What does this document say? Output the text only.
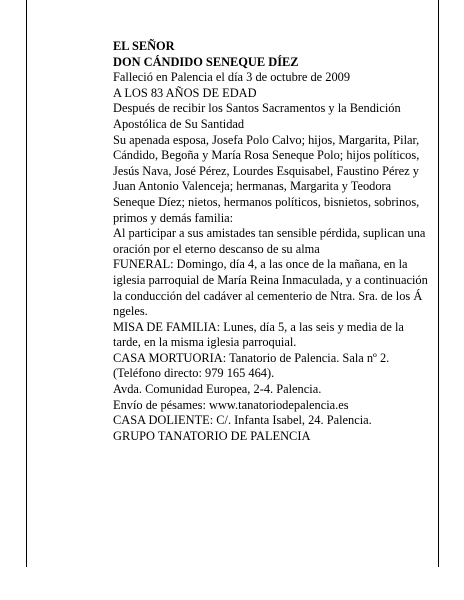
EL SEÑOR

DON CÁNDIDO SENEQUE DÍEZ

Falleció en Palencia el día 3 de octubre de 2009

A LOS 83 AÑOS DE EDAD

Después de recibir los Santos Sacramentos y la Bendición Apostólica de Su Santidad

Su apenada esposa, Josefa Polo Calvo; hijos, Margarita, Pilar, Cándido, Begoña y María Rosa Seneque Polo; hijos políticos, Jesús Nava, José Pérez, Lourdes Esquisabel, Faustino Pérez y Juan Antonio Valenceja; hermanas, Margarita y Teodora Seneque Díez; nietos, hermanos políticos, bisnietos, sobrinos, primos y demás familia:

Al participar a sus amistades tan sensible pérdida, suplican una oración por el eterno descanso de su alma

FUNERAL: Domingo, día 4, a las once de la mañana, en la iglesia parroquial de María Reina Inmaculada, y a continuación la conducción del cadáver al cementerio de Ntra. Sra. de los Á ngeles.

MISA DE FAMILIA: Lunes, día 5, a las seis y media de la tarde, en la misma iglesia parroquial.

CASA MORTUORIA: Tanatorio de Palencia. Sala nº 2. (Teléfono directo: 979 165 464).

Avda. Comunidad Europea, 2-4. Palencia.

Envío de pésames: www.tanatoriodepalencia.es

CASA DOLIENTE: C/. Infanta Isabel, 24. Palencia.

GRUPO TANATORIO DE PALENCIA
